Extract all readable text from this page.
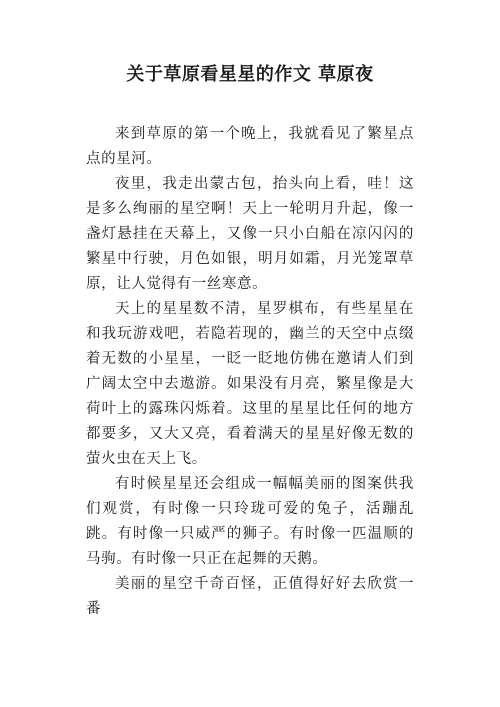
关于草原看星星的作文 草原夜

来到草原的第一个晚上，我就看见了繁星点点的星河。

夜里，我走出蒙古包，抬头向上看，哇！这是多么绚丽的星空啊！天上一轮明月升起，像一盏灯悬挂在天幕上，又像一只小白船在凉闪闪的繁星中行驶，月色如银，明月如霜，月光笼罩草原，让人觉得有一丝寒意。

天上的星星数不清，星罗棋布，有些星星在和我玩游戏吧，若隐若现的，幽兰的天空中点缀着无数的小星星，一眨一眨地仿佛在邀请人们到广阔太空中去遨游。如果没有月亮，繁星像是大荷叶上的露珠闪烁着。这里的星星比任何的地方都要多，又大又亮，看着满天的星星好像无数的萤火虫在天上飞。

有时候星星还会组成一幅幅美丽的图案供我们观赏，有时像一只玲珑可爱的兔子，活蹦乱跳。有时像一只威严的狮子。有时像一匹温顺的马驹。有时像一只正在起舞的天鹅。

美丽的星空千奇百怪，正值得好好去欣赏一番
